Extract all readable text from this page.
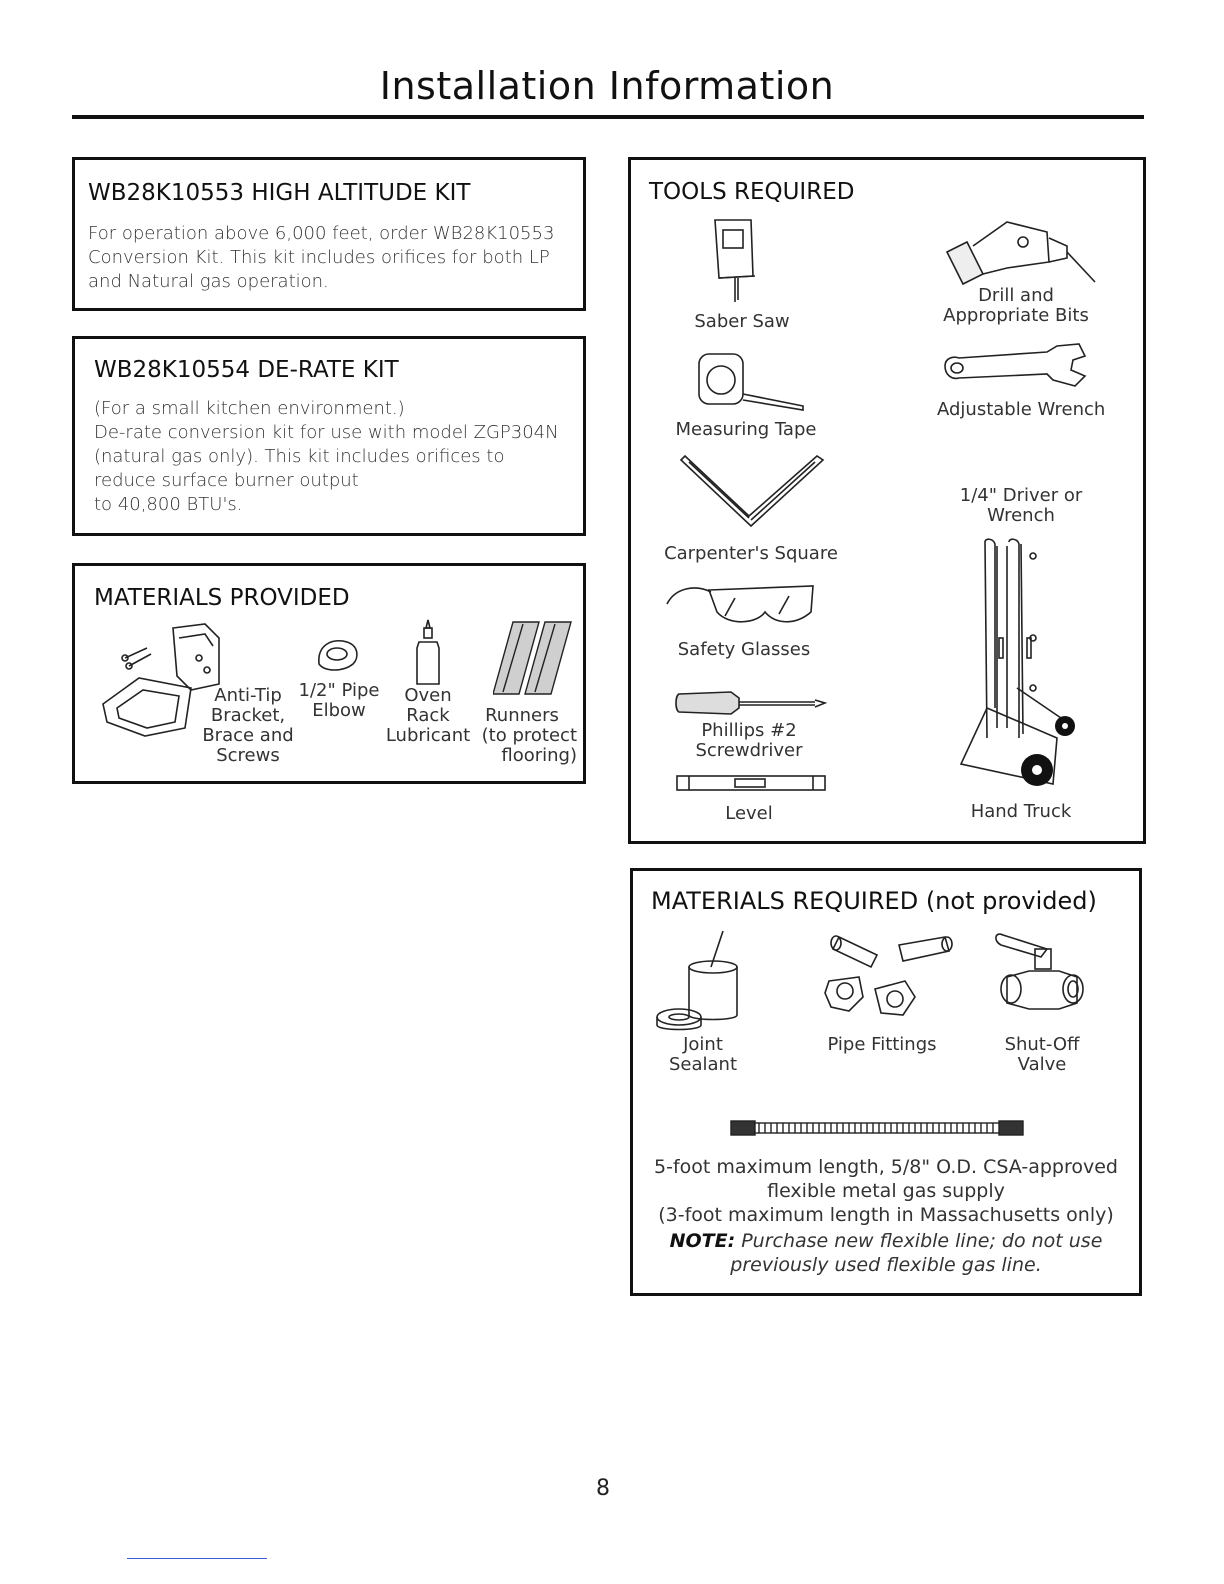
Installation Information
WB28K10553 HIGH ALTITUDE KIT
For operation above 6,000 feet, order WB28K10553
Conversion Kit. This kit includes orifices for both LP
and Natural gas operation.
WB28K10554 DE-RATE KIT
(For a small kitchen environment.)
De-rate conversion kit for use with model ZGP304N
(natural gas only). This kit includes orifices to
reduce surface burner output
to 40,800 BTU's.
MATERIALS PROVIDED
Anti-Tip
Bracket,
Brace and
Screws
1/2" Pipe
Elbow
Oven
Rack
Lubricant
Runners
(to protect
flooring)
TOOLS REQUIRED
Saber Saw
Drill and
Appropriate Bits
Measuring Tape
Adjustable Wrench
Carpenter's Square
1/4" Driver or
Wrench
Hand Truck
Safety Glasses
Phillips #2
Screwdriver
Level
MATERIALS REQUIRED (not provided)
Joint
Sealant
Pipe Fittings	Shut-Off
Valve
5-foot maximum length, 5/8" O.D. CSA-approved
flexible metal gas supply
(3-foot maximum length in Massachusetts only)
NOTE: Purchase new flexible line; do not use
previously used flexible gas line.
8
